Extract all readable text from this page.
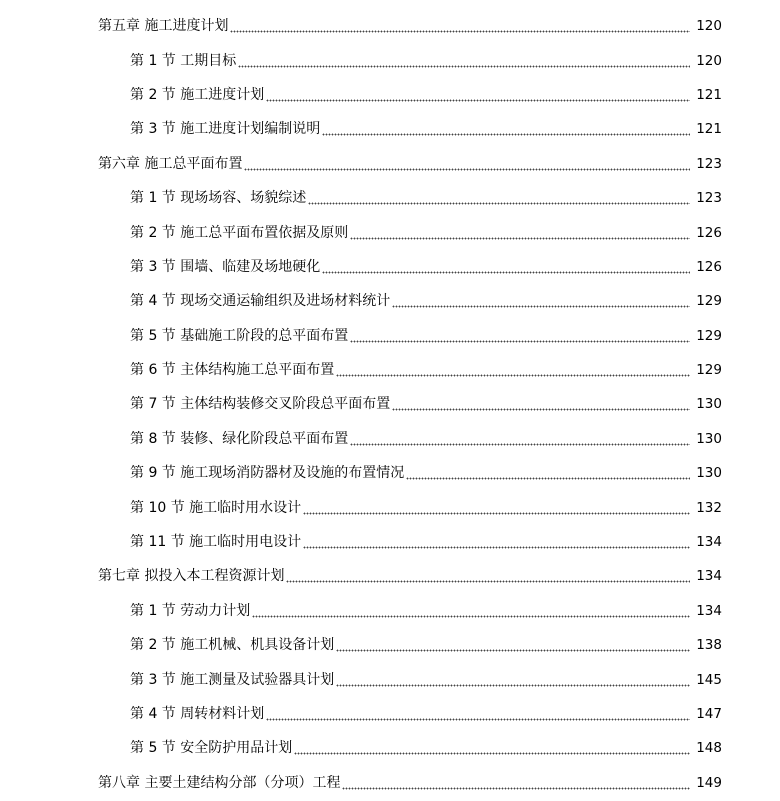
第五章 施工进度计划	120
第 1 节 工期目标	120
第 2 节 施工进度计划	121
第 3 节 施工进度计划编制说明	121
第六章 施工总平面布置	123
第 1 节 现场场容、场貌综述	123
第 2 节 施工总平面布置依据及原则	126
第 3 节 围墙、临建及场地硬化	126
第 4 节 现场交通运输组织及进场材料统计	129
第 5 节 基础施工阶段的总平面布置	129
第 6 节 主体结构施工总平面布置	129
第 7 节 主体结构装修交叉阶段总平面布置	130
第 8 节 装修、绿化阶段总平面布置	130
第 9 节 施工现场消防器材及设施的布置情况	130
第 10 节 施工临时用水设计	132
第 11 节 施工临时用电设计	134
第七章 拟投入本工程资源计划	134
第 1 节 劳动力计划	134
第 2 节 施工机械、机具设备计划	138
第 3 节 施工测量及试验器具计划	145
第 4 节 周转材料计划	147
第 5 节 安全防护用品计划	148
第八章 主要土建结构分部（分项）工程	149
